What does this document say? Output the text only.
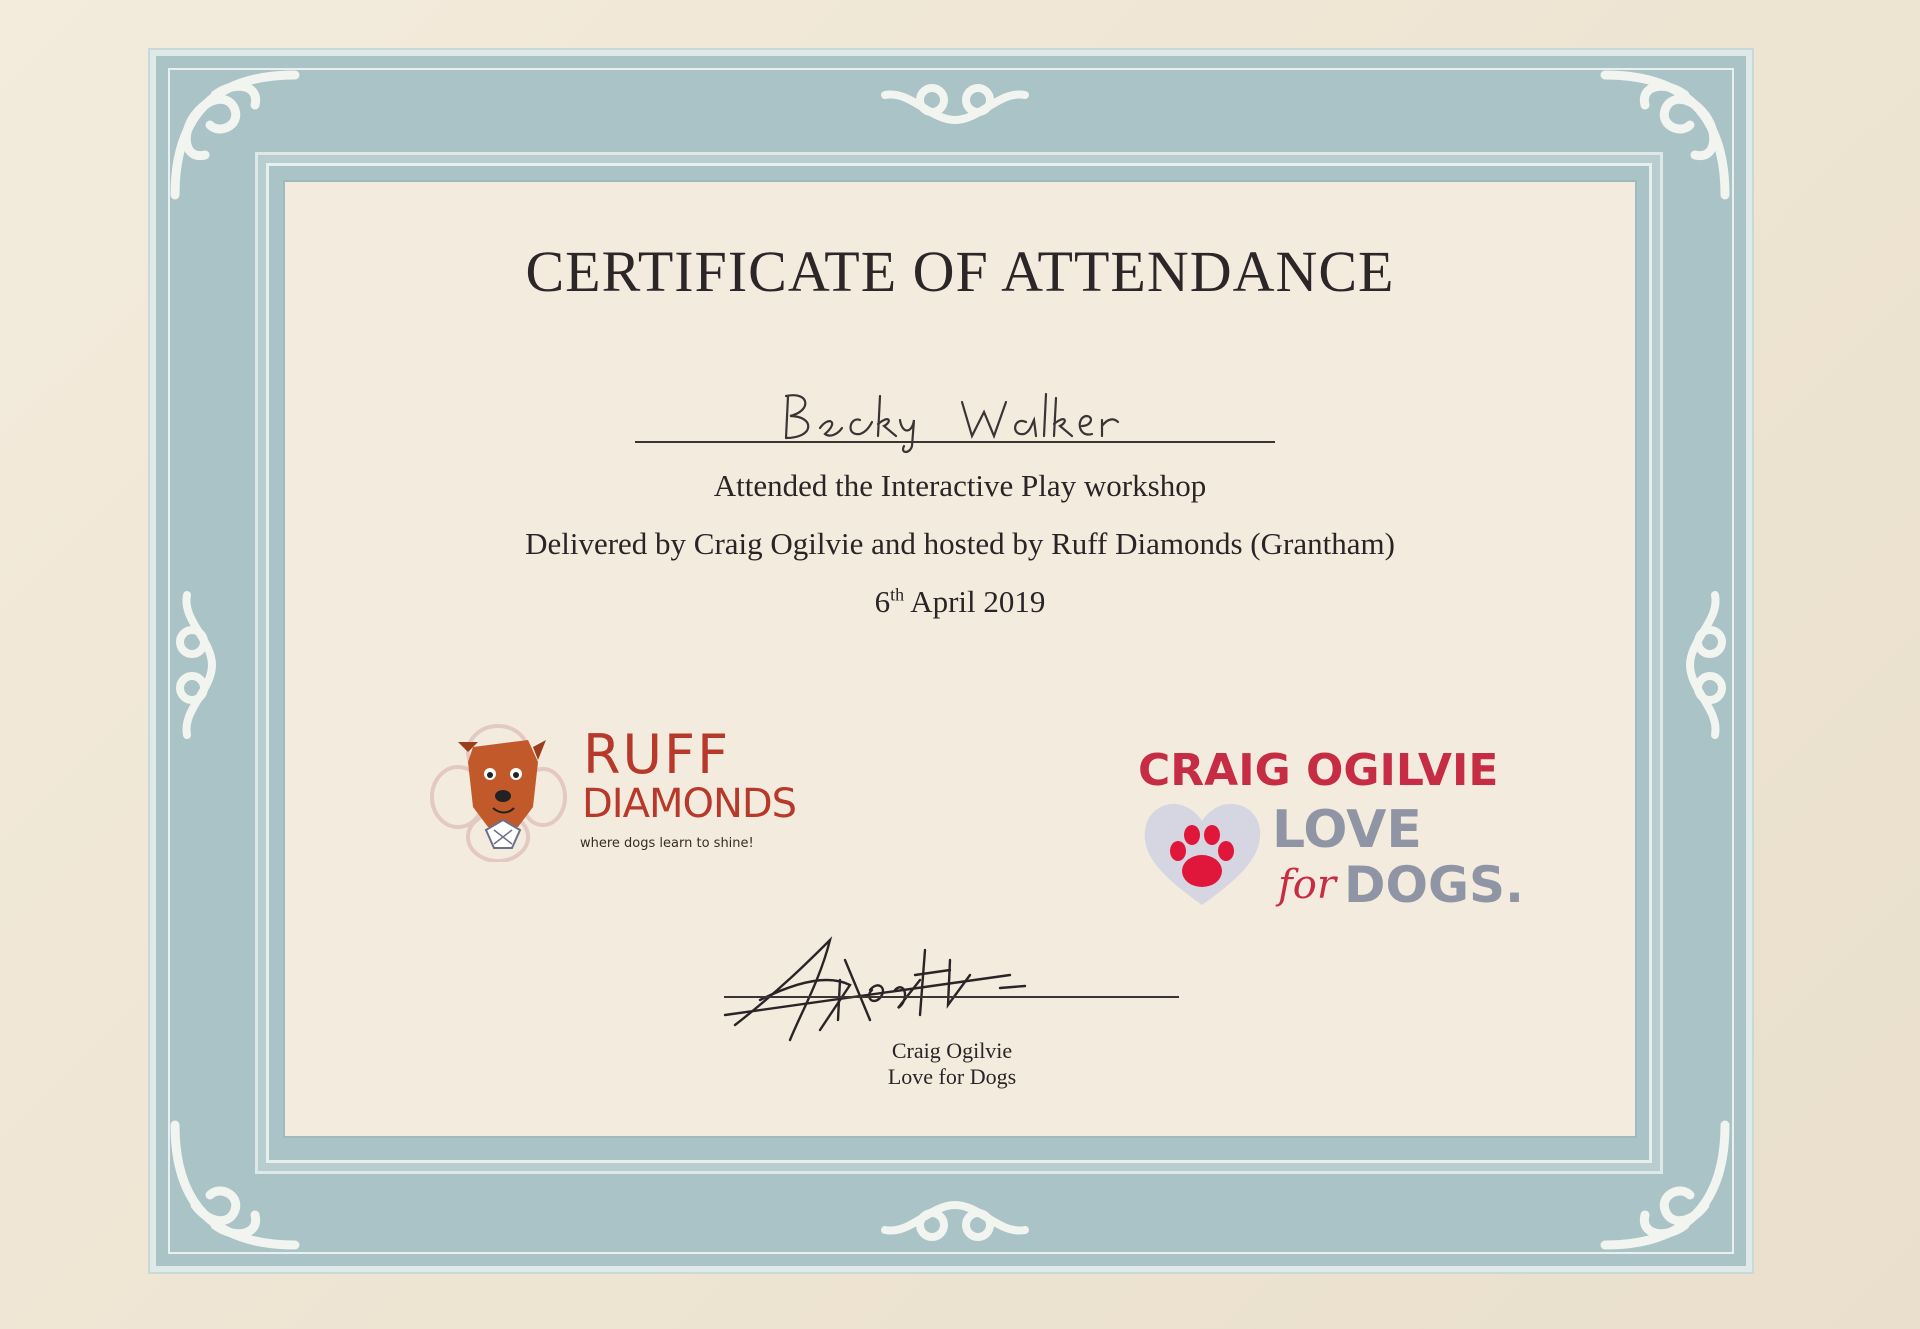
CERTIFICATE OF ATTENDANCE
Attended the Interactive Play workshop
Delivered by Craig Ogilvie and hosted by Ruff Diamonds (Grantham)
6th April 2019
RUFF
DIAMONDS
where dogs learn to shine!
CRAIG OGILVIE
LOVE
for DOGS.
Craig Ogilvie
Love for Dogs
